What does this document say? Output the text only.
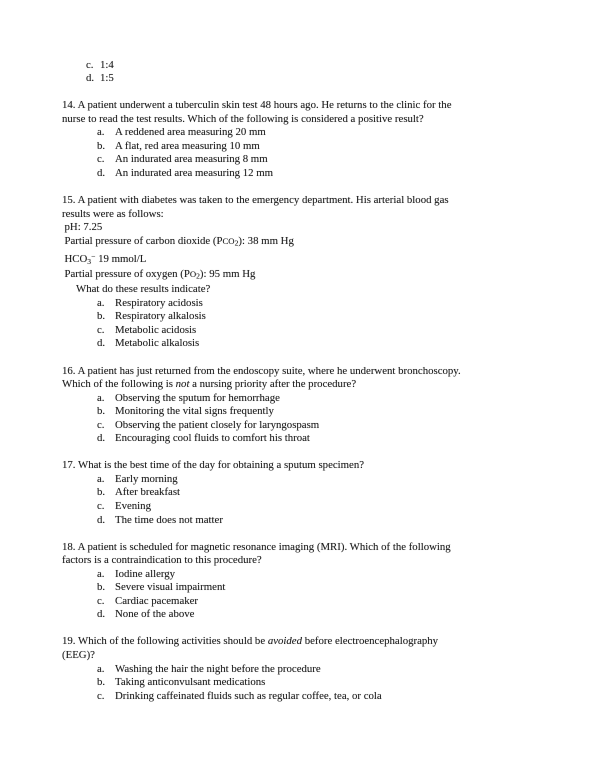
c. 1:4
d. 1:5
14. A patient underwent a tuberculin skin test 48 hours ago. He returns to the clinic for the
nurse to read the test results. Which of the following is considered a positive result?
a. A reddened area measuring 20 mm
b. A flat, red area measuring 10 mm
c. An indurated area measuring 8 mm
d. An indurated area measuring 12 mm
15. A patient with diabetes was taken to the emergency department. His arterial blood gas
results were as follows:
pH: 7.25
Partial pressure of carbon dioxide $(PCO_2)$: 38 mm Hg
$HCO_3^-$ 19 mmol/L
Partial pressure of oxygen $(PO_2)$: 95 mm Hg
What do these results indicate?
a. Respiratory acidosis
b. Respiratory alkalosis
c. Metabolic acidosis
d. Metabolic alkalosis
16. A patient has just returned from the endoscopy suite, where he underwent bronchoscopy.
Which of the following is not a nursing priority after the procedure?
a. Observing the sputum for hemorrhage
b. Monitoring the vital signs frequently
c. Observing the patient closely for laryngospasm
d. Encouraging cool fluids to comfort his throat
17. What is the best time of the day for obtaining a sputum specimen?
a. Early morning
b. After breakfast
c. Evening
d. The time does not matter
18. A patient is scheduled for magnetic resonance imaging (MRI). Which of the following
factors is a contraindication to this procedure?
a. Iodine allergy
b. Severe visual impairment
c. Cardiac pacemaker
d. None of the above
19. Which of the following activities should be avoided before electroencephalography
(EEG)?
a. Washing the hair the night before the procedure
b. Taking anticonvulsant medications
c. Drinking caffeinated fluids such as regular coffee, tea, or cola
